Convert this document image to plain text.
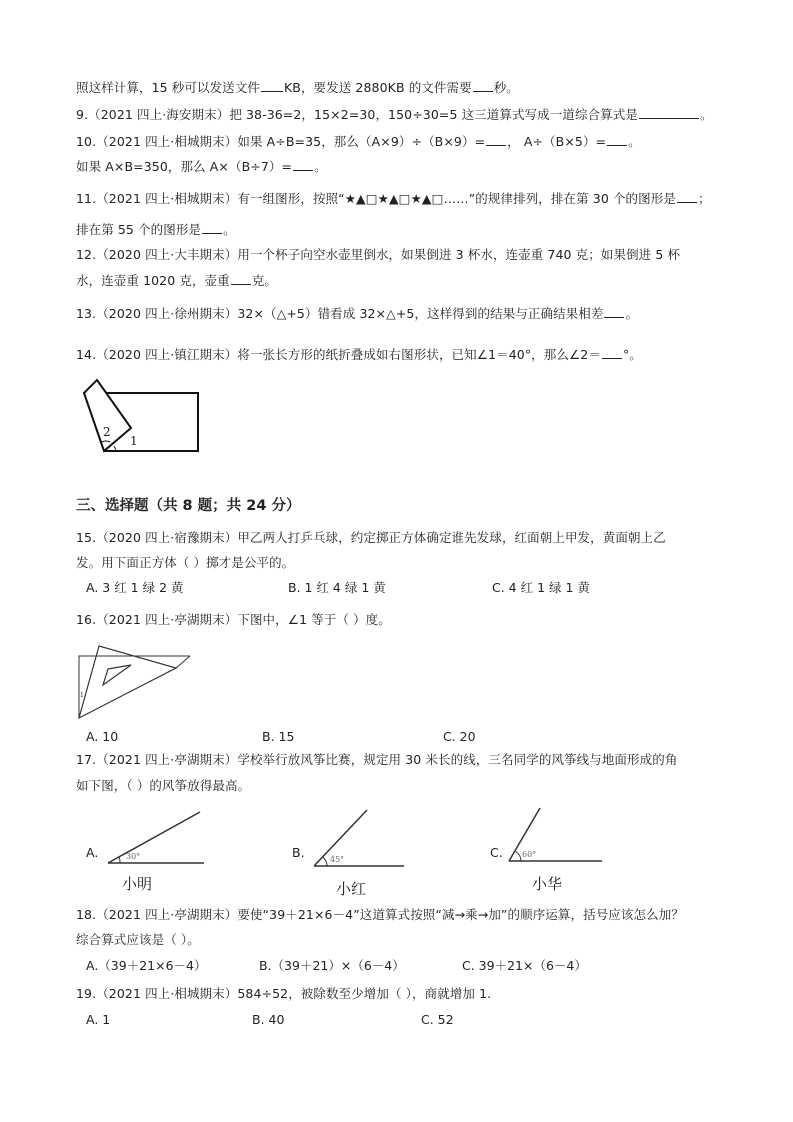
照这样计算，15 秒可以发送文件 KB，要发送 2880KB 的文件需要 秒。
9.（2021 四上·海安期末）把 38-36=2，15×2=30，150÷30=5 这三道算式写成一道综合算式是	。
10.（2021 四上·相城期末）如果 A÷B=35，那么（A×9）÷（B×9）= ， A÷（B×5）= 。
如果 A×B=350，那么 A×（B÷7）= 。
11.（2021 四上·相城期末）有一组图形，按照“★▲□★▲□★▲□……”的规律排列，排在第 30 个的图形是 ；
排在第 55 个的图形是 。
12.（2020 四上·大丰期末）用一个杯子向空水壶里倒水，如果倒进 3 杯水，连壶重 740 克；如果倒进 5 杯
水，连壶重 1020 克，壶重 克。
13.（2020 四上·徐州期末）32×（△+5）错看成 32×△+5，这样得到的结果与正确结果相差 。
14.（2020 四上·镇江期末）将一张长方形的纸折叠成如右图形状，已知∠1＝40°，那么∠2＝ °。
2
1
三、选择题（共 8 题；共 24 分）
15.（2020 四上·宿豫期末）甲乙两人打乒乓球，约定掷正方体确定谁先发球，红面朝上甲发，黄面朝上乙
发。用下面正方体（ ）掷才是公平的。
A. 3 红 1 绿 2 黄	B. 1 红 4 绿 1 黄	C. 4 红 1 绿 1 黄
16.（2021 四上·亭湖期末）下图中，∠1 等于（ ）度。
1
A. 10	B. 15	C. 20
17.（2021 四上·亭湖期末）学校举行放风筝比赛，规定用 30 米长的线，三名同学的风筝线与地面形成的角
如下图，（ ）的风筝放得最高。
A.	30°
小明
B.	45°
小红
C. 60°
小华
18.（2021 四上·亭湖期末）要使“39＋21×6－4”这道算式按照“减→乘→加”的顺序运算，括号应该怎么加？
综合算式应该是（ ）。
A.（39＋21×6－4）	B.（39＋21）×（6－4）	C. 39＋21×（6－4）
19.（2021 四上·相城期末）584÷52，被除数至少增加（ ），商就增加 1.
A. 1	B. 40	C. 52
